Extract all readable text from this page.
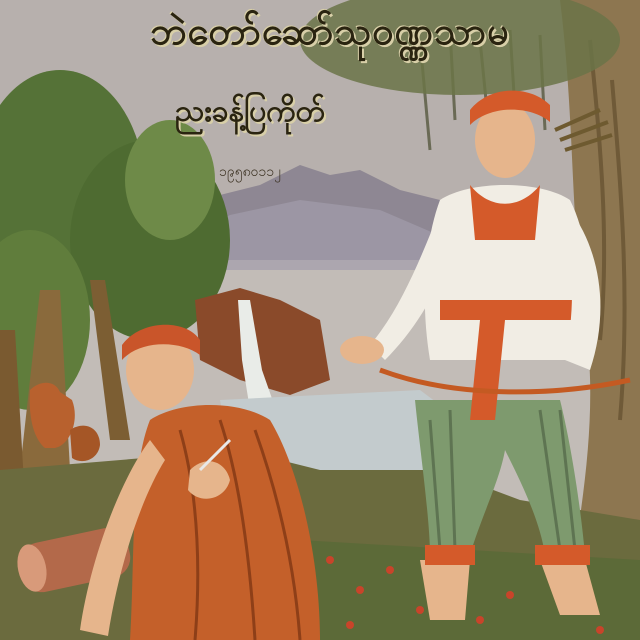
ဘဲတော်ဆော်သုဝဏ္ဏသာမ
ညးခန့်ပြကိုတ်
၁၉၅၈၀၁၁၂
